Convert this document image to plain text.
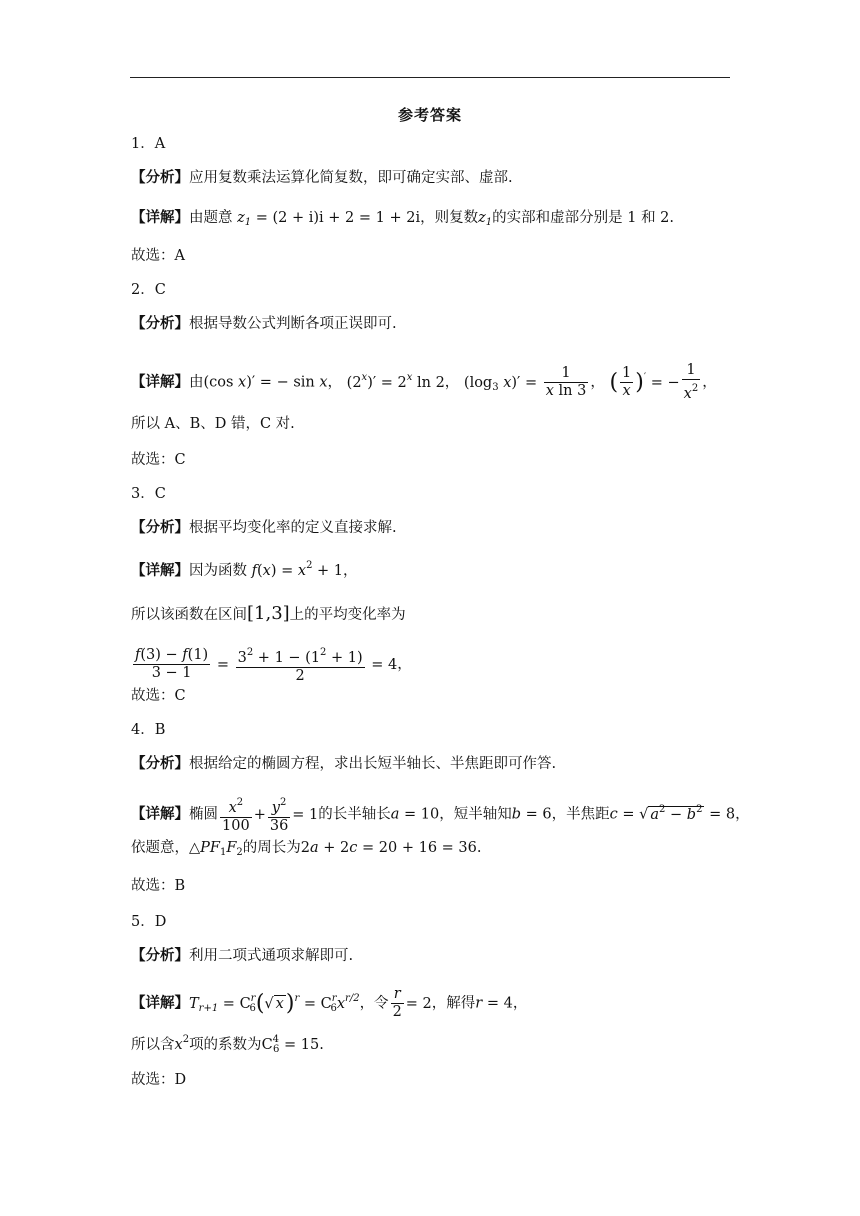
参考答案
1．A
【分析】应用复数乘法运算化简复数，即可确定实部、虚部.
【详解】由题意 $z_1 = (2 + i)i + 2 = 1 + 2i$，则复数$z_1$的实部和虚部分别是 1 和 2.
故选：A
2．C
【分析】根据导数公式判断各项正误即可.
【详解】由(cos x)′ = − sin x， $(2^x)' = 2^x$ ln 2， ($\log_3$ $x)' = \frac{1}{\text{x ln 3}}$ ， ( $\frac{1}{x} )'$ = − $\frac{1}{x^2}$ ，
所以 A、B、D 错，C 对.
故选：C
3．C
【分析】根据平均变化率的定义直接求解.
【详解】因为函数 $f(x) = x^2 + 1$，
所以该函数在区间[1,3]上的平均变化率为
$\frac{f(3) - f(1)}{3 - 1} = \frac{3^2 + 1 - (1^2 + 1)}{2} = 4$，
故选：C
4．B
【分析】根据给定的椭圆方程，求出长短半轴长、半焦距即可作答.
【详解】椭圆 $\frac{x^2}{100} + \frac{y^2}{36} = 1$的长半轴长a = 10，短半轴知b = 6，半焦距c = √ $a^2 - b^2 = 8$，
依题意，$\triangle PF_1F_2$的周长为2a + 2c = 20 + 16 = 36.
故选：B
5．D
【分析】利用二项式通项求解即可.
【详解】$T_{r+1} = C^r_6(√$ $x)^r = C^r_6x^{r/2}$，令 $\frac{r}{2} = 2$，解得r = 4，
所以含$x^2$项的系数为$C^4_6 = 15$.
故选：D
